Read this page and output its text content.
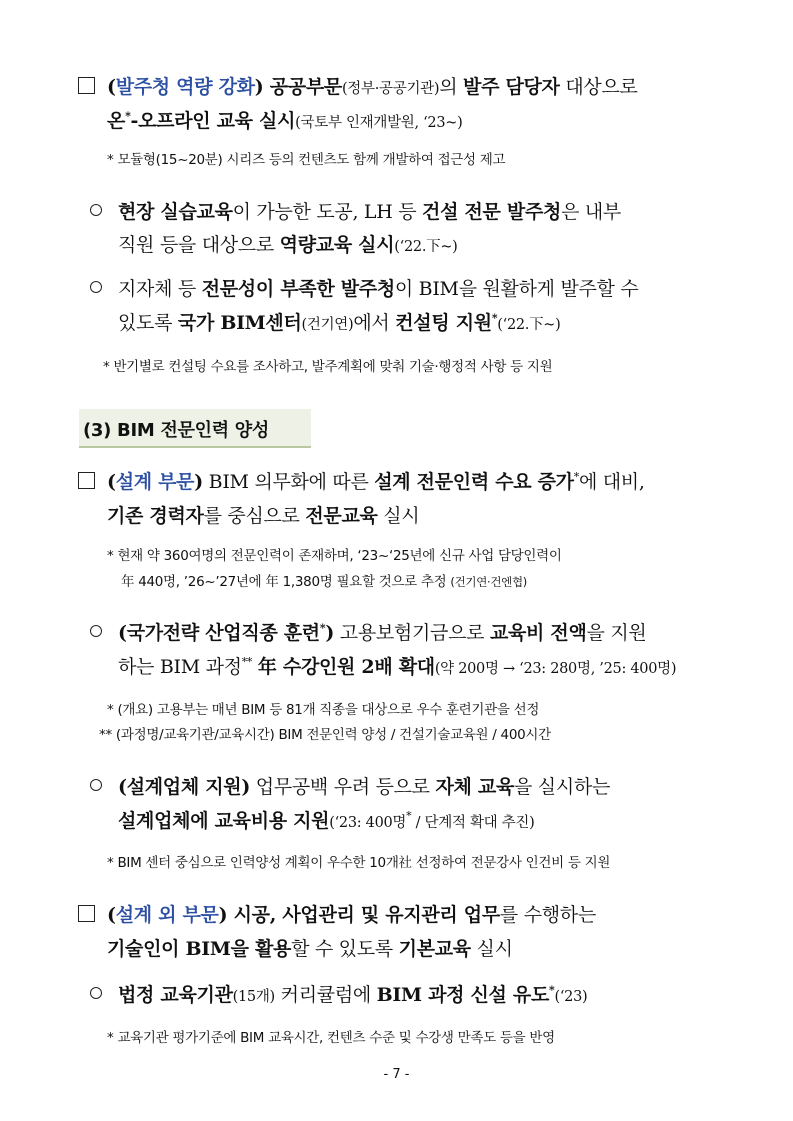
(발주청 역량 강화) 공공부문(정부·공공기관)의 발주 담당자 대상으로
온*-오프라인 교육 실시(국토부 인재개발원, ‘23~)
* 모듈형(15~20분) 시리즈 등의 컨텐츠도 함께 개발하여 접근성 제고
현장 실습교육이 가능한 도공, LH 등 건설 전문 발주청은 내부
직원 등을 대상으로 역량교육 실시(‘22.下~)
지자체 등 전문성이 부족한 발주청이 BIM을 원활하게 발주할 수
있도록 국가 BIM센터(건기연)에서 컨설팅 지원*(‘22.下~)
* 반기별로 컨설팅 수요를 조사하고, 발주계획에 맞춰 기술·행정적 사항 등 지원
(3) BIM 전문인력 양성
(설계 부문) BIM 의무화에 따른 설계 전문인력 수요 증가*에 대비,
기존 경력자를 중심으로 전문교육 실시
* 현재 약 360여명의 전문인력이 존재하며, ‘23~‘25년에 신규 사업 담당인력이
年 440명, ’26~’27년에 年 1,380명 필요할 것으로 추정 (건기연·건엔협)
(국가전략 산업직종 훈련*) 고용보험기금으로 교육비 전액을 지원
하는 BIM 과정** 年 수강인원 2배 확대(약 200명 → ‘23: 280명, ’25: 400명)
* (개요) 고용부는 매년 BIM 등 81개 직종을 대상으로 우수 훈련기관을 선정
** (과정명/교육기관/교육시간) BIM 전문인력 양성 / 건설기술교육원 / 400시간
(설계업체 지원) 업무공백 우려 등으로 자체 교육을 실시하는
설계업체에 교육비용 지원(‘23: 400명* / 단계적 확대 추진)
* BIM 센터 중심으로 인력양성 계획이 우수한 10개社 선정하여 전문강사 인건비 등 지원
(설계 외 부문) 시공, 사업관리 및 유지관리 업무를 수행하는
기술인이 BIM을 활용할 수 있도록 기본교육 실시
법정 교육기관(15개) 커리큘럼에 BIM 과정 신설 유도*(‘23)
* 교육기관 평가기준에 BIM 교육시간, 컨텐츠 수준 및 수강생 만족도 등을 반영
- 7 -
